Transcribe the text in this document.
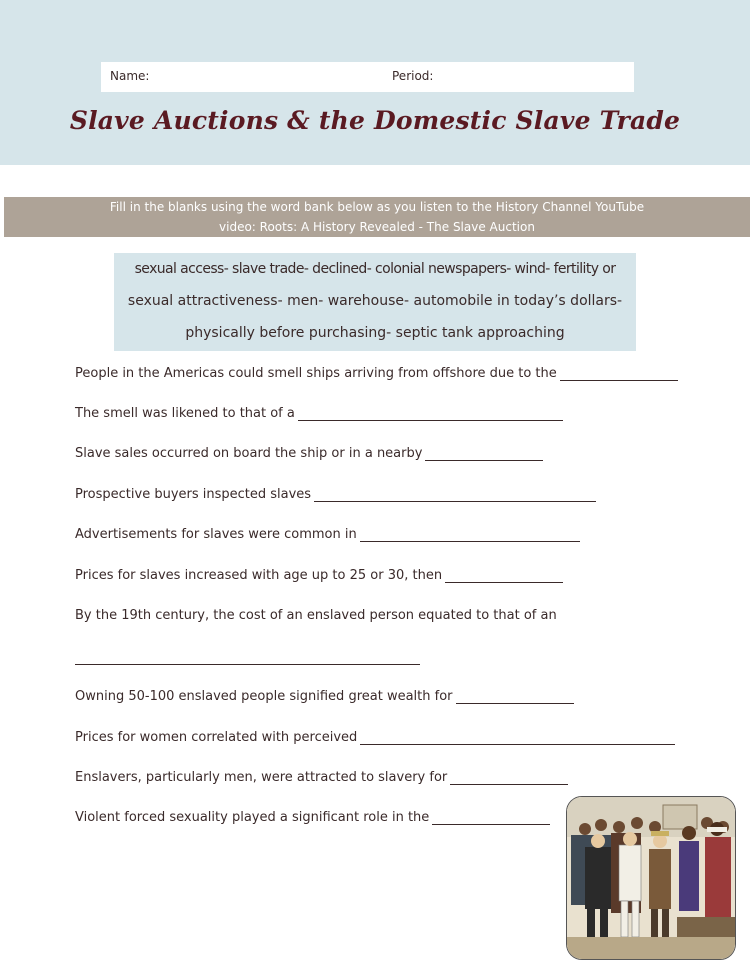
Name:	Period:
Slave Auctions & the Domestic Slave Trade
Fill in the blanks using the word bank below as you listen to the History Channel YouTube
video: Roots: A History Revealed - The Slave Auction
sexual access- slave trade- declined- colonial newspapers- wind- fertility or
sexual attractiveness- men- warehouse- automobile in today’s dollars-
physically before purchasing- septic tank approaching
People in the Americas could smell ships arriving from offshore due to the
The smell was likened to that of a
Slave sales occurred on board the ship or in a nearby
Prospective buyers inspected slaves
Advertisements for slaves were common in
Prices for slaves increased with age up to 25 or 30, then
By the 19th century, the cost of an enslaved person equated to that of an
Owning 50-100 enslaved people signified great wealth for
Prices for women correlated with perceived
Enslavers, particularly men, were attracted to slavery for
Violent forced sexuality played a significant role in the
